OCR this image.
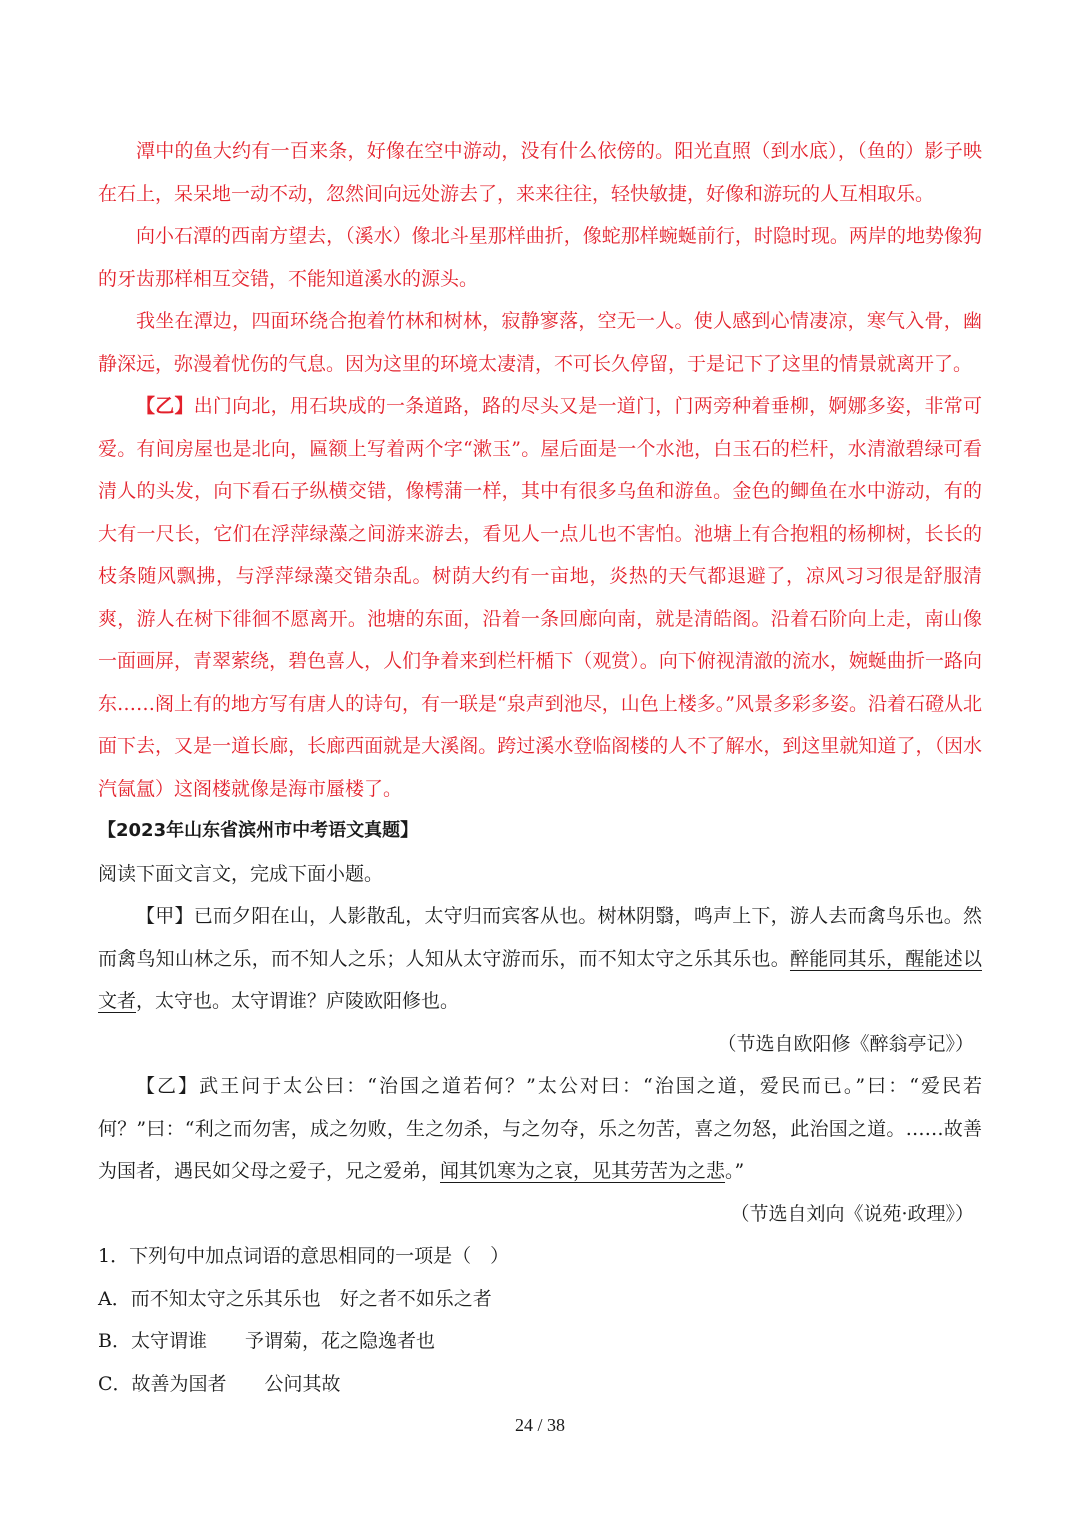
潭中的鱼大约有一百来条，好像在空中游动，没有什么依傍的。阳光直照（到水底），（鱼的）影子映在石上，呆呆地一动不动，忽然间向远处游去了，来来往往，轻快敏捷，好像和游玩的人互相取乐。

向小石潭的西南方望去，（溪水）像北斗星那样曲折，像蛇那样蜿蜒前行，时隐时现。两岸的地势像狗的牙齿那样相互交错，不能知道溪水的源头。

我坐在潭边，四面环绕合抱着竹林和树林，寂静寥落，空无一人。使人感到心情凄凉，寒气入骨，幽静深远，弥漫着忧伤的气息。因为这里的环境太凄清，不可长久停留，于是记下了这里的情景就离开了。

【乙】出门向北，用石块成的一条道路，路的尽头又是一道门，门两旁种着垂柳，婀娜多姿，非常可爱。有间房屋也是北向，匾额上写着两个字“漱玉”。屋后面是一个水池，白玉石的栏杆，水清澈碧绿可看清人的头发，向下看石子纵横交错，像樗蒲一样，其中有很多乌鱼和游鱼。金色的鲫鱼在水中游动，有的大有一尺长，它们在浮萍绿藻之间游来游去，看见人一点儿也不害怕。池塘上有合抱粗的杨柳树，长长的枝条随风飘拂，与浮萍绿藻交错杂乱。树荫大约有一亩地，炎热的天气都退避了，凉风习习很是舒服清爽，游人在树下徘徊不愿离开。池塘的东面，沿着一条回廊向南，就是清皓阁。沿着石阶向上走，南山像一面画屏，青翠萦绕，碧色喜人，人们争着来到栏杆楯下（观赏）。向下俯视清澈的流水，婉蜒曲折一路向东……阁上有的地方写有唐人的诗句，有一联是“泉声到池尽，山色上楼多。”风景多彩多姿。沿着石磴从北面下去，又是一道长廊，长廊西面就是大溪阁。跨过溪水登临阁楼的人不了解水，到这里就知道了，（因水汽氤氲）这阁楼就像是海市蜃楼了。

【2023年山东省滨州市中考语文真题】

阅读下面文言文，完成下面小题。

【甲】已而夕阳在山，人影散乱，太守归而宾客从也。树林阴翳，鸣声上下，游人去而禽鸟乐也。然而禽鸟知山林之乐，而不知人之乐；人知从太守游而乐，而不知太守之乐其乐也。醉能同其乐，醒能述以文者，太守也。太守谓谁？庐陵欧阳修也。

（节选自欧阳修《醉翁亭记》）

【乙】武王问于太公曰：“治国之道若何？”太公对曰：“治国之道，爱民而已。”曰：“爱民若何？”曰：“利之而勿害，成之勿败，生之勿杀，与之勿夺，乐之勿苦，喜之勿怒，此治国之道。……故善为国者，遇民如父母之爱子，兄之爱弟，闻其饥寒为之哀，见其劳苦为之悲。”

（节选自刘向《说苑·政理》）

1．下列句中加点词语的意思相同的一项是（　）

A．而不知太守之乐其乐也　好之者不如乐之者

B．太守谓谁　　予谓菊，花之隐逸者也

C．故善为国者　　公问其故

24 / 38
